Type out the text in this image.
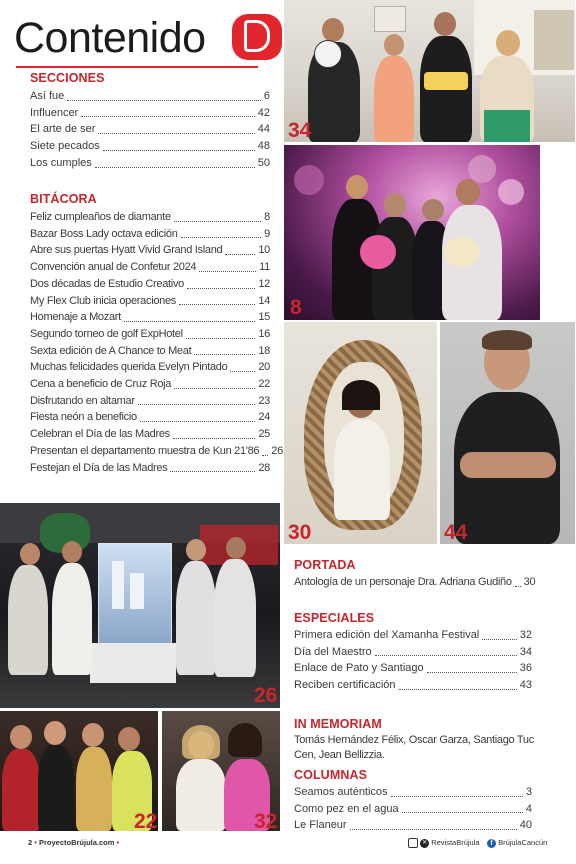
Contenido
SECCIONES
Así fue	6
Influencer	42
El arte de ser	44
Siete pecados	48
Los cumples	50
BITÁCORA
Feliz cumpleaños de diamante	8
Bazar Boss Lady octava edición	9
Abre sus puertas Hyatt Vivid Grand Island	10
Convención anual de Confetur 2024	11
Dos décadas de Estudio Creativo	12
My Flex Club inicia operaciones	14
Homenaje a Mozart	15
Segundo torneo de golf ExpHotel	16
Sexta edición de A Chance to Meat	18
Muchas felicidades querida Evelyn Pintado	20
Cena a beneficio de Cruz Roja	22
Disfrutando en altamar	23
Fiesta neón a beneficio	24
Celebran el Día de las Madres	25
Presentan el departamento muestra de Kun 21'86 26
Festejan el Día de las Madres	28
34
8
30	44
26
22	32
PORTADA
Antología de un personaje Dra. Adriana Gudiño 30
ESPECIALES
Primera edición del Xamanha Festival	32
Día del Maestro	34
Enlace de Pato y Santiago	36
Reciben certificación	43
IN MEMORIAM
Tomás Hernández Félix, Oscar Garza, Santiago Tuc Cen, Jean Bellizzia.
COLUMNAS
Seamos auténticos	3
Como pez en el agua	4
Le Flaneur	40
2 • ProyectoBrújula.com •	✕ RevistaBrújula	f BrújulaCancún
